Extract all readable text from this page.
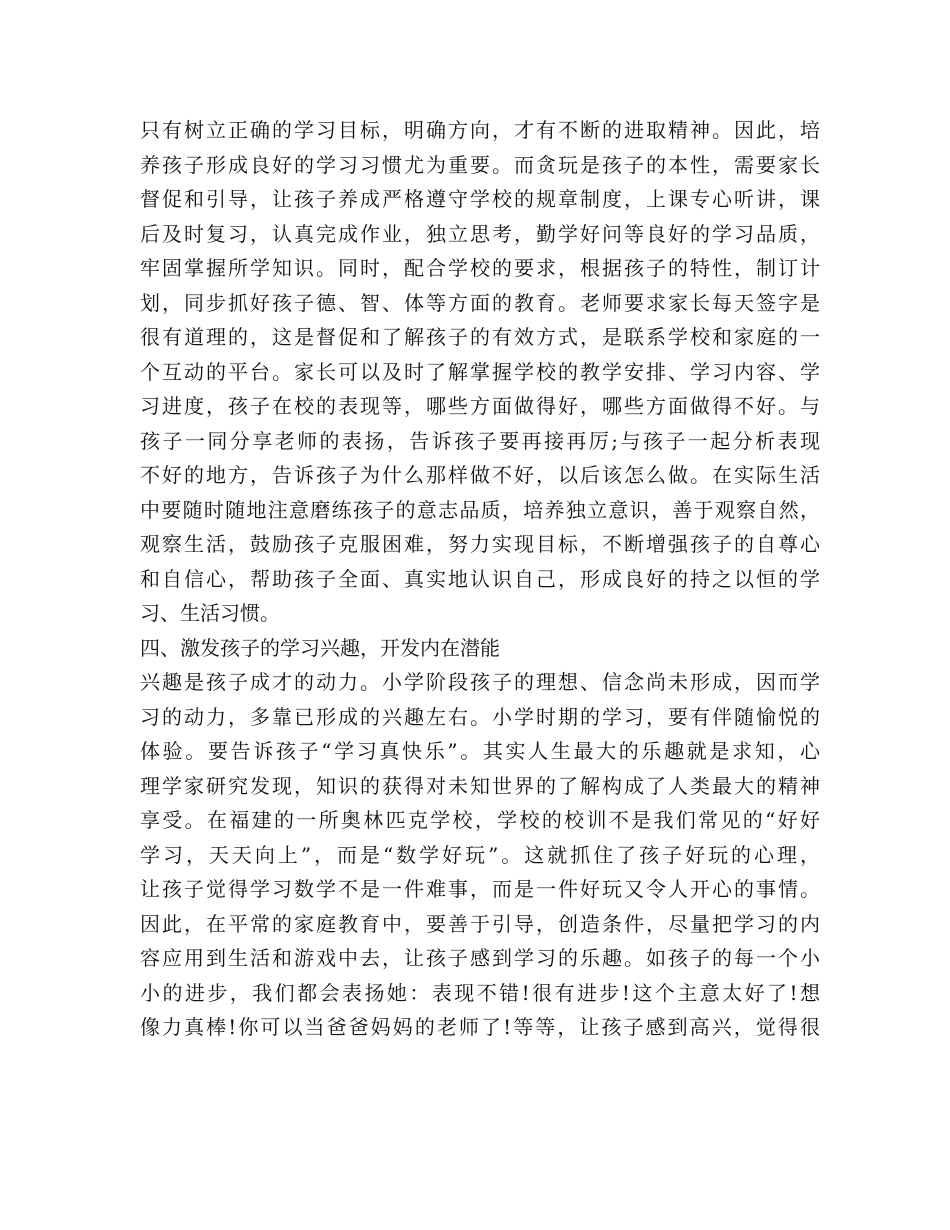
只有树立正确的学习目标，明确方向，才有不断的进取精神。因此，培
养孩子形成良好的学习习惯尤为重要。而贪玩是孩子的本性，需要家长
督促和引导，让孩子养成严格遵守学校的规章制度，上课专心听讲，课
后及时复习，认真完成作业，独立思考，勤学好问等良好的学习品质，
牢固掌握所学知识。同时，配合学校的要求，根据孩子的特性，制订计
划，同步抓好孩子德、智、体等方面的教育。老师要求家长每天签字是
很有道理的，这是督促和了解孩子的有效方式，是联系学校和家庭的一
个互动的平台。家长可以及时了解掌握学校的教学安排、学习内容、学
习进度，孩子在校的表现等，哪些方面做得好，哪些方面做得不好。与
孩子一同分享老师的表扬，告诉孩子要再接再厉;与孩子一起分析表现
不好的地方，告诉孩子为什么那样做不好，以后该怎么做。在实际生活
中要随时随地注意磨练孩子的意志品质，培养独立意识，善于观察自然，
观察生活，鼓励孩子克服困难，努力实现目标，不断增强孩子的自尊心
和自信心，帮助孩子全面、真实地认识自己，形成良好的持之以恒的学
习、生活习惯。
四、激发孩子的学习兴趣，开发内在潜能
兴趣是孩子成才的动力。小学阶段孩子的理想、信念尚未形成，因而学
习的动力，多靠已形成的兴趣左右。小学时期的学习，要有伴随愉悦的
体验。要告诉孩子“学习真快乐”。其实人生最大的乐趣就是求知，心
理学家研究发现，知识的获得对未知世界的了解构成了人类最大的精神
享受。在福建的一所奥林匹克学校，学校的校训不是我们常见的“好好
学习，天天向上”，而是“数学好玩”。这就抓住了孩子好玩的心理，
让孩子觉得学习数学不是一件难事，而是一件好玩又令人开心的事情。
因此，在平常的家庭教育中，要善于引导，创造条件，尽量把学习的内
容应用到生活和游戏中去，让孩子感到学习的乐趣。如孩子的每一个小
小的进步，我们都会表扬她：表现不错!很有进步!这个主意太好了!想
像力真棒!你可以当爸爸妈妈的老师了!等等，让孩子感到高兴，觉得很
